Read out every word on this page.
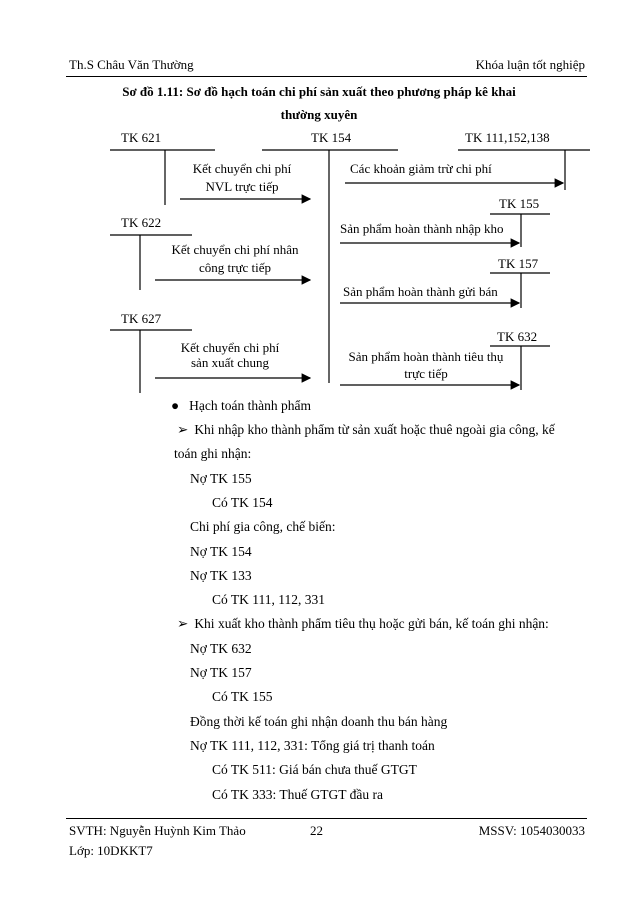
Th.S Châu Văn Thường	Khóa luận tốt nghiệp
Sơ đồ 1.11: Sơ đồ hạch toán chi phí sản xuất theo phương pháp kê khai
thường xuyên
TK 621	TK 154	TK 111,152,138
TK 155
TK 622
TK 157
TK 627
TK 632
Kết chuyển chi phí
NVL trực tiếp
Kết chuyển chi phí nhân
công trực tiếp
Kết chuyển chi phí
sản xuất chung
Các khoản giảm trừ chi phí
Sản phẩm hoàn thành nhập kho
Sản phẩm hoàn thành gửi bán
Sản phẩm hoàn thành tiêu thụ
trực tiếp
● Hạch toán thành phẩm
➢ Khi nhập kho thành phẩm từ sản xuất hoặc thuê ngoài gia công, kế
toán ghi nhận:
Nợ TK 155
Có TK 154
Chi phí gia công, chế biến:
Nợ TK 154
Nợ TK 133
Có TK 111, 112, 331
➢ Khi xuất kho thành phẩm tiêu thụ hoặc gửi bán, kế toán ghi nhận:
Nợ TK 632
Nợ TK 157
Có TK 155
Đồng thời kế toán ghi nhận doanh thu bán hàng
Nợ TK 111, 112, 331: Tổng giá trị thanh toán
Có TK 511: Giá bán chưa thuế GTGT
Có TK 333: Thuế GTGT đầu ra
SVTH: Nguyễn Huỳnh Kim Thảo	22	MSSV: 1054030033
Lớp: 10DKKT7
